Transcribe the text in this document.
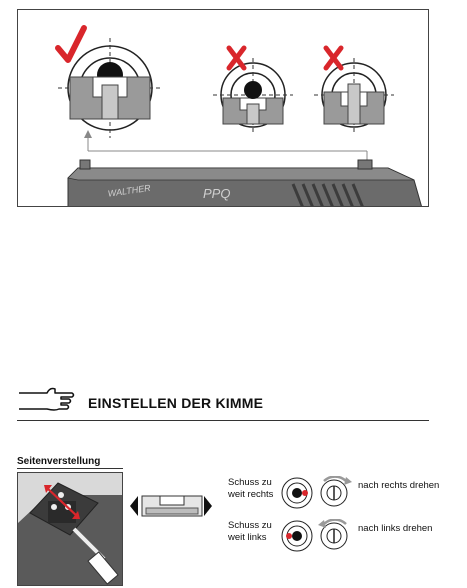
WALTHER	PPQ
EINSTELLEN DER KIMME
Seitenverstellung
Schuss zu weit rechts
nach rechts drehen
Schuss zu weit links
nach links drehen
